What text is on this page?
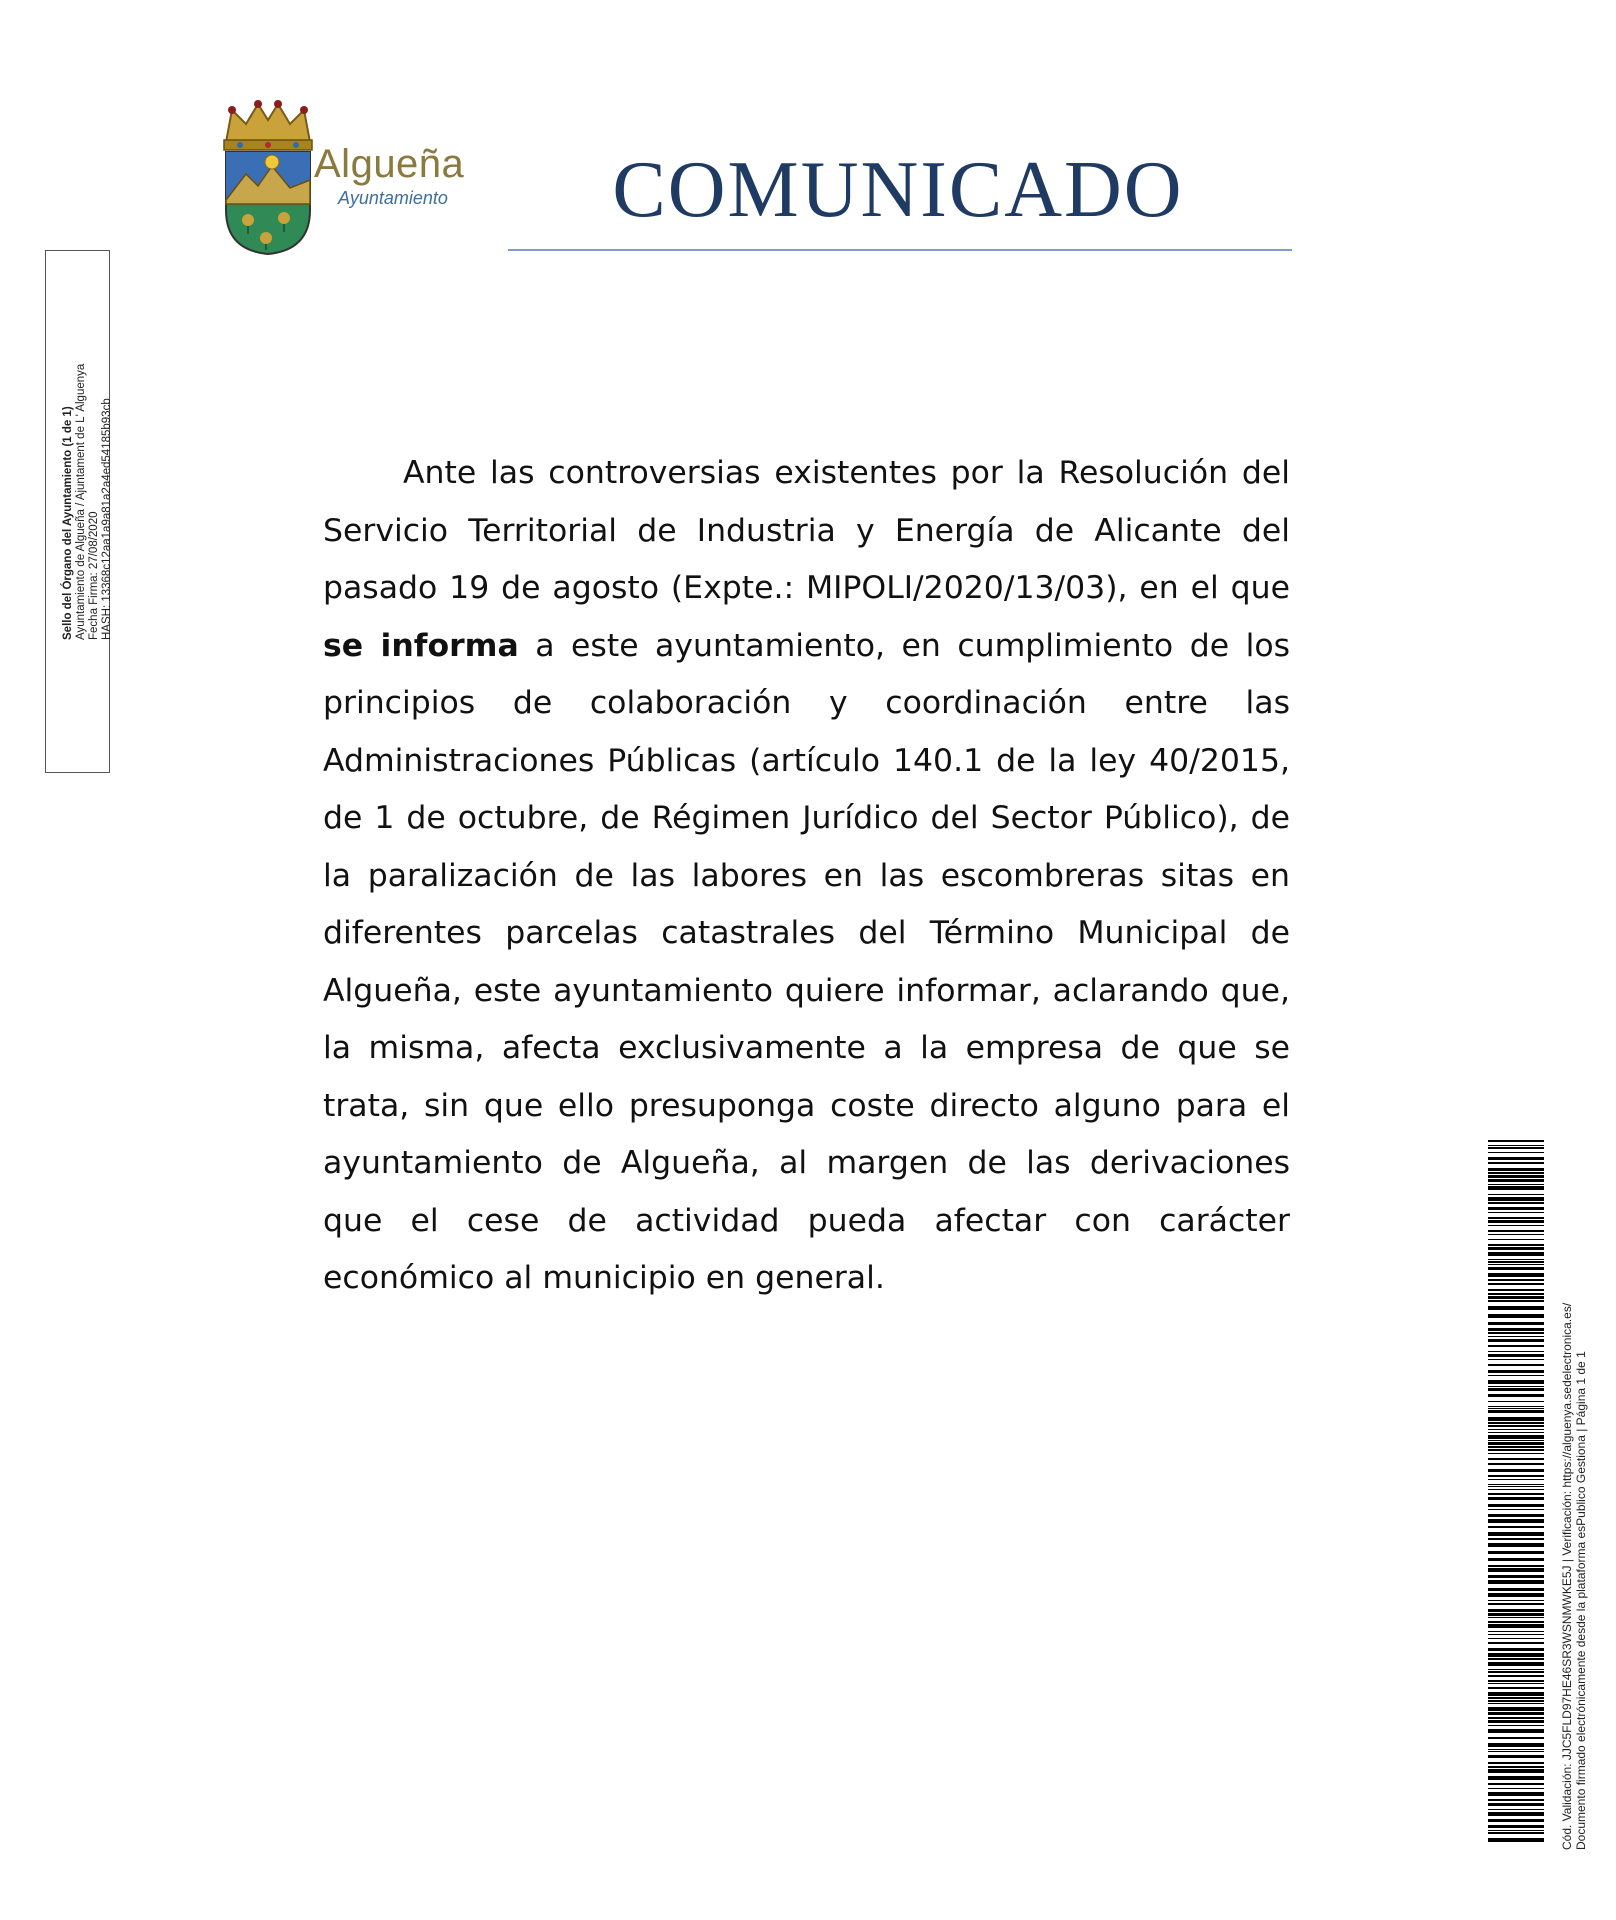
Algueña
Ayuntamiento	COMUNICADO
Sello del Órgano del Ayuntamiento (1 de 1) Ayuntamiento de Algueña / Ajuntament de L' Alguenya Fecha Firma: 27/08/2020 HASH: 13368c12aa1a9a81a2a4ed54185b93cb	Ante las controversias existentes por la Resolución del Servicio Territorial de Industria y Energía de Alicante del pasado 19 de agosto (Expte.: MIPOLI/2020/13/03), en el que se informa a este ayuntamiento, en cumplimiento de los principios de colaboración y coordinación entre las Administraciones Públicas (artículo 140.1 de la ley 40/2015, de 1 de octubre, de Régimen Jurídico del Sector Público), de la paralización de las labores en las escombreras sitas en diferentes parcelas catastrales del Término Municipal de Algueña, este ayuntamiento quiere informar, aclarando que, la misma, afecta exclusivamente a la empresa de que se trata, sin que ello presuponga coste directo alguno para el ayuntamiento de Algueña, al margen de las derivaciones que el cese de actividad pueda afectar con carácter económico al municipio en general.
Cód. Validación: JJC5FLD97HE46SR3WSNMWKE5J | Verificación: https://alguenya.sedelectronica.es/ Documento firmado electrónicamente desde la plataforma esPublico Gestiona | Página 1 de 1
